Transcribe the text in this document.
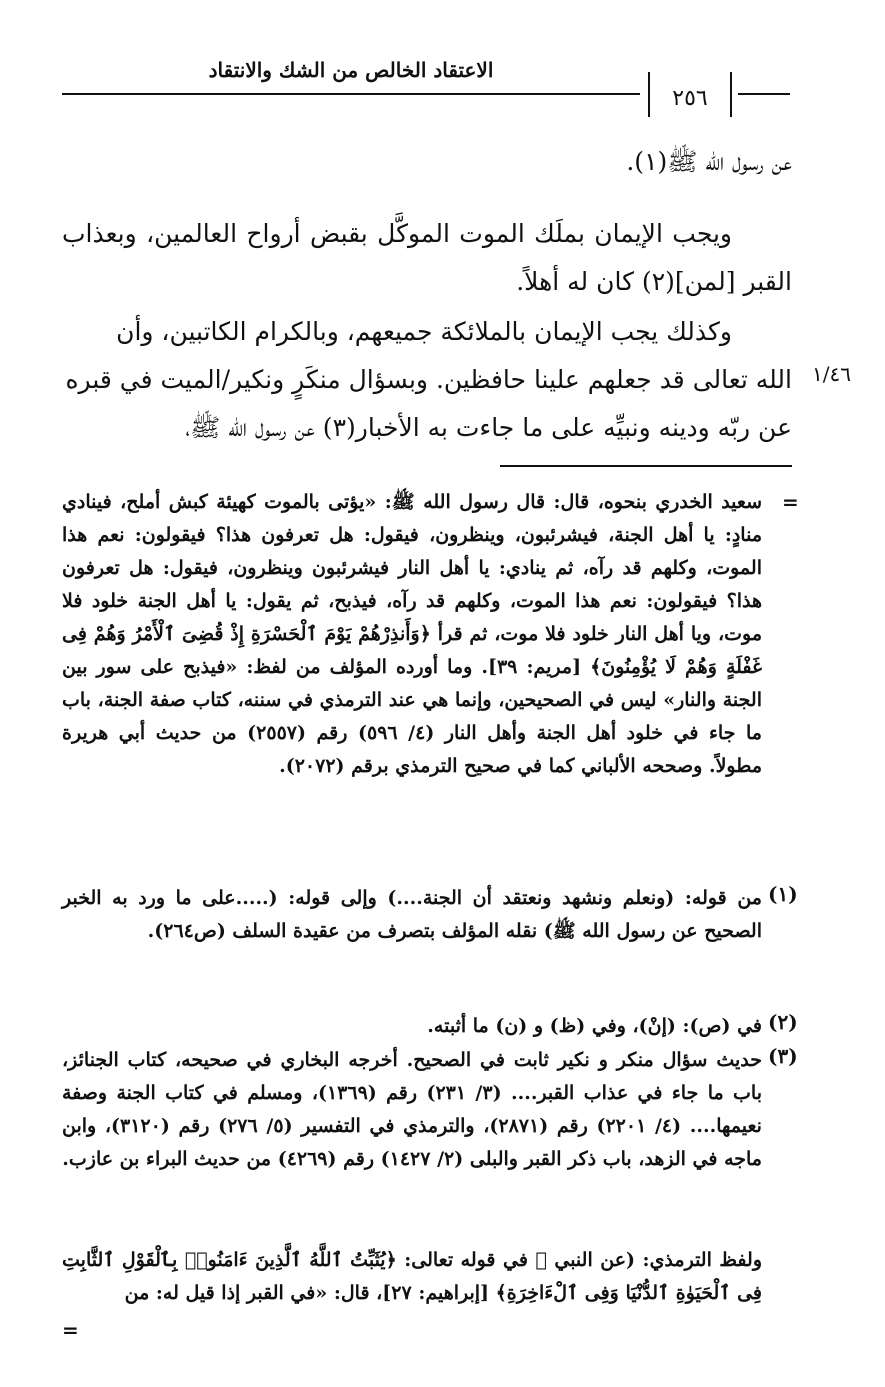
الاعتقاد الخالص من الشك والانتقاد
٢٥٦
عن رسول الله ﷺ(١).
ويجب الإيمان بملَك الموت الموكَّل بقبض أرواح العالمين، وبعذاب القبر [لمن](٢) كان له أهلاً.
وكذلك يجب الإيمان بالملائكة جميعهم، وبالكرام الكاتبين، وأن
الله تعالى قد جعلهم علينا حافظين. وبسؤال منكَرٍ ونكير/الميت في قبره
عن ربّه ودينه ونبيِّه على ما جاءت به الأخبار(٣) عن رسول الله ﷺ،
١/٤٦
=
سعيد الخدري بنحوه، قال: قال رسول الله ﷺ: «يؤتى بالموت كهيئة كبش أملح، فينادي منادٍ: يا أهل الجنة، فيشرئبون، وينظرون، فيقول: هل تعرفون هذا؟ فيقولون: نعم هذا الموت، وكلهم قد رآه، ثم ينادي: يا أهل النار فيشرئبون وينظرون، فيقول: هل تعرفون هذا؟ فيقولون: نعم هذا الموت، وكلهم قد رآه، فيذبح، ثم يقول: يا أهل الجنة خلود فلا موت، ويا أهل النار خلود فلا موت، ثم قرأ ﴿وَأَنذِرْهُمْ يَوْمَ ٱلْحَسْرَةِ إِذْ قُضِىَ ٱلْأَمْرُ وَهُمْ فِى غَفْلَةٍ وَهُمْ لَا يُؤْمِنُونَ﴾ [مريم: ٣٩]. وما أورده المؤلف من لفظ: «فيذبح على سور بين الجنة والنار» ليس في الصحيحين، وإنما هي عند الترمذي في سننه، كتاب صفة الجنة، باب ما جاء في خلود أهل الجنة وأهل النار (٤/ ٥٩٦) رقم (٢٥٥٧) من حديث أبي هريرة مطولاً. وصححه الألباني كما في صحيح الترمذي برقم (٢٠٧٢).
(١)
من قوله: (ونعلم ونشهد ونعتقد أن الجنة....) وإلى قوله: (.....على ما ورد به الخبر الصحيح عن رسول الله ﷺ) نقله المؤلف بتصرف من عقيدة السلف (ص٢٦٤).
(٢)
في (ص): (إنْ)، وفي (ظ) و (ن) ما أثبته.
(٣)
حديث سؤال منكر و نكير ثابت في الصحيح. أخرجه البخاري في صحيحه، كتاب الجنائز، باب ما جاء في عذاب القبر.... (٣/ ٢٣١) رقم (١٣٦٩)، ومسلم في كتاب الجنة وصفة نعيمها.... (٤/ ٢٢٠١) رقم (٢٨٧١)، والترمذي في التفسير (٥/ ٢٧٦) رقم (٣١٢٠)، وابن ماجه في الزهد، باب ذكر القبر والبلى (٢/ ١٤٢٧) رقم (٤٢٦٩) من حديث البراء بن عازب.
ولفظ الترمذي: (عن النبي ﷺ في قوله تعالى: ﴿يُثَبِّتُ ٱللَّهُ ٱلَّذِينَ ءَامَنُوا۟ بِٱلْقَوْلِ ٱلثَّابِتِ فِى ٱلْحَيَوٰةِ ٱلدُّنْيَا وَفِى ٱلْءَاخِرَةِ﴾ [إبراهيم: ٢٧]، قال: «في القبر إذا قيل له: من
=
